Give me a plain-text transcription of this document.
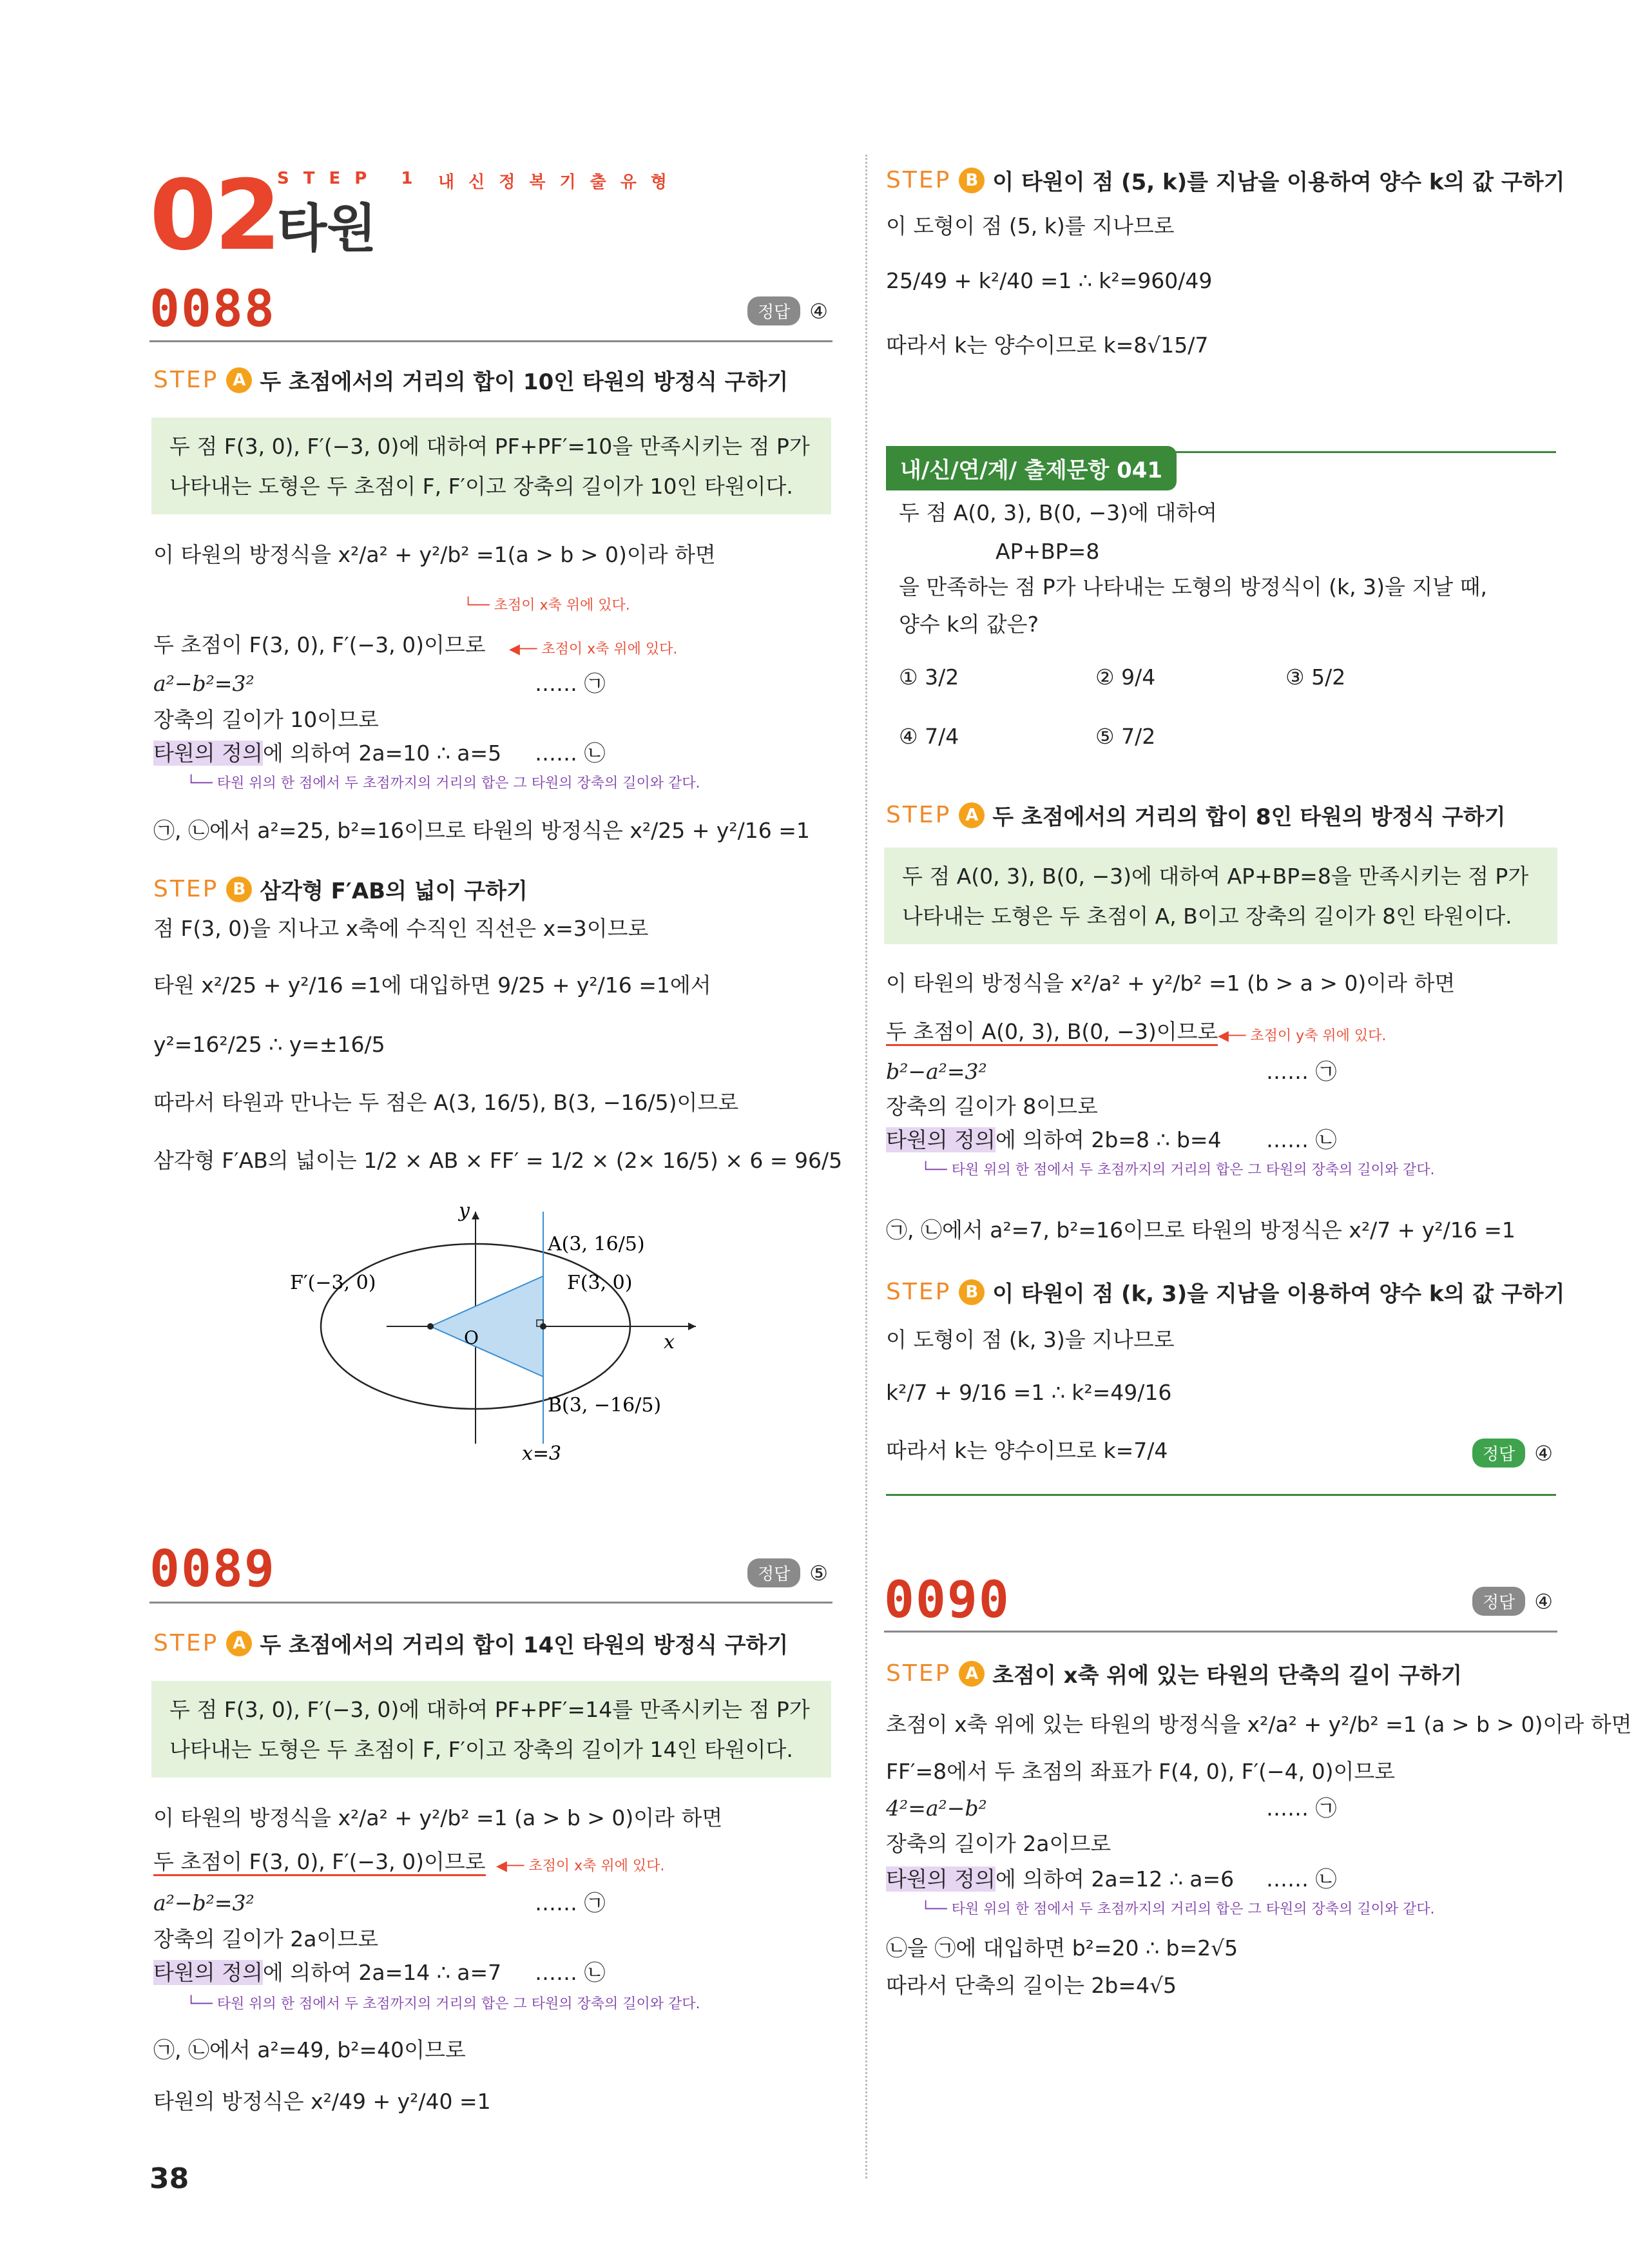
02
STEP 1 내신정복기출유형
타원
0088	정답 ④
STEP A 두 초점에서의 거리의 합이 10인 타원의 방정식 구하기
두 점 F(3, 0), F′(−3, 0)에 대하여 PF+PF′=10을 만족시키는 점 P가
나타내는 도형은 두 초점이 F, F′이고 장축의 길이가 10인 타원이다.
이 타원의 방정식을 x²/a² + y²/b² =1(a > b > 0)이라 하면
└── 초점이 x축 위에 있다.
두 초점이 F(3, 0), F′(−3, 0)이므로 ◀── 초점이 x축 위에 있다.
a²−b²=3²	…… ㉠
장축의 길이가 10이므로
타원의 정의에 의하여 2a=10 ∴ a=5 …… ㉡
└── 타원 위의 한 점에서 두 초점까지의 거리의 합은 그 타원의 장축의 길이와 같다.
㉠, ㉡에서 a²=25, b²=16이므로 타원의 방정식은 x²/25 + y²/16 =1
STEP B 삼각형 F′AB의 넓이 구하기
점 F(3, 0)을 지나고 x축에 수직인 직선은 x=3이므로
타원 x²/25 + y²/16 =1에 대입하면 9/25 + y²/16 =1에서
y²=16²/25 ∴ y=±16/5
따라서 타원과 만나는 두 점은 A(3, 16/5), B(3, −16/5)이므로
삼각형 F′AB의 넓이는 1/2 × AB × FF′ = 1/2 × (2× 16/5) × 6 = 96/5
O	x
y
F′(−3, 0)	F(3, 0)
A(3, 16/5)
B(3, −16/5)
x=3
0089	정답 ⑤
STEP A 두 초점에서의 거리의 합이 14인 타원의 방정식 구하기
두 점 F(3, 0), F′(−3, 0)에 대하여 PF+PF′=14를 만족시키는 점 P가
나타내는 도형은 두 초점이 F, F′이고 장축의 길이가 14인 타원이다.
이 타원의 방정식을 x²/a² + y²/b² =1 (a > b > 0)이라 하면
두 초점이 F(3, 0), F′(−3, 0)이므로 ◀── 초점이 x축 위에 있다.
a²−b²=3²	…… ㉠
장축의 길이가 2a이므로
타원의 정의에 의하여 2a=14 ∴ a=7 …… ㉡
└── 타원 위의 한 점에서 두 초점까지의 거리의 합은 그 타원의 장축의 길이와 같다.
㉠, ㉡에서 a²=49, b²=40이므로
타원의 방정식은 x²/49 + y²/40 =1
38
STEP B 이 타원이 점 (5, k)를 지남을 이용하여 양수 k의 값 구하기
이 도형이 점 (5, k)를 지나므로
25/49 + k²/40 =1 ∴ k²=960/49
따라서 k는 양수이므로 k=8√15/7
내/신/연/계/ 출제문항 041
두 점 A(0, 3), B(0, −3)에 대하여
AP+BP=8
을 만족하는 점 P가 나타내는 도형의 방정식이 (k, 3)을 지날 때,
양수 k의 값은?
① 3/2	② 9/4	③ 5/2
④ 7/4	⑤ 7/2
STEP A 두 초점에서의 거리의 합이 8인 타원의 방정식 구하기
두 점 A(0, 3), B(0, −3)에 대하여 AP+BP=8을 만족시키는 점 P가
나타내는 도형은 두 초점이 A, B이고 장축의 길이가 8인 타원이다.
이 타원의 방정식을 x²/a² + y²/b² =1 (b > a > 0)이라 하면
두 초점이 A(0, 3), B(0, −3)이므로 ◀── 초점이 y축 위에 있다.
b²−a²=3²	…… ㉠
장축의 길이가 8이므로
타원의 정의에 의하여 2b=8 ∴ b=4 …… ㉡
└── 타원 위의 한 점에서 두 초점까지의 거리의 합은 그 타원의 장축의 길이와 같다.
㉠, ㉡에서 a²=7, b²=16이므로 타원의 방정식은 x²/7 + y²/16 =1
STEP B 이 타원이 점 (k, 3)을 지남을 이용하여 양수 k의 값 구하기
이 도형이 점 (k, 3)을 지나므로
k²/7 + 9/16 =1 ∴ k²=49/16
따라서 k는 양수이므로 k=7/4	정답 ④
0090	정답 ④
STEP A 초점이 x축 위에 있는 타원의 단축의 길이 구하기
초점이 x축 위에 있는 타원의 방정식을 x²/a² + y²/b² =1 (a > b > 0)이라 하면
FF′=8에서 두 초점의 좌표가 F(4, 0), F′(−4, 0)이므로
4²=a²−b²	…… ㉠
장축의 길이가 2a이므로
타원의 정의에 의하여 2a=12 ∴ a=6 …… ㉡
└── 타원 위의 한 점에서 두 초점까지의 거리의 합은 그 타원의 장축의 길이와 같다.
㉡을 ㉠에 대입하면 b²=20 ∴ b=2√5
따라서 단축의 길이는 2b=4√5
